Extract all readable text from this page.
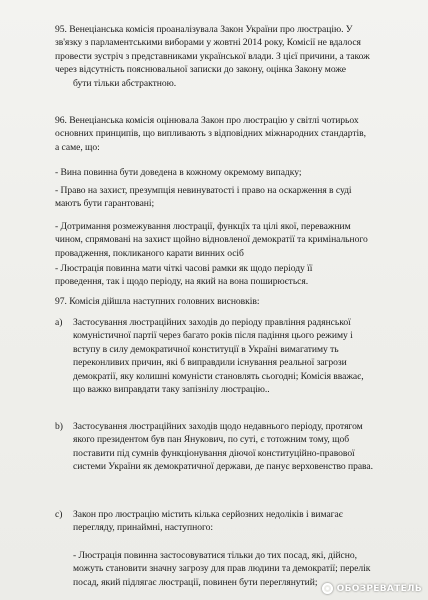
95. Венеціанська комісія проаналізувала Закон України про люстрацію. У
зв'язку з парламентськими виборами у жовтні 2014 року, Комісії не вдалося
провести зустріч з представниками української влади. З цієї причини, а також
через відсутність пояснювальної записки до закону, оцінка Закону може
бути тільки абстрактною.
96. Венеціанська комісія оцінювала Закон про люстрацію у світлі чотирьох
основних принципів, що випливають з відповідних міжнародних стандартів,
а саме, що:
- Вина повинна бути доведена в кожному окремому випадку;
- Право на захист, презумпція невинуватості і право на оскарження в суді
маютъ бути гарантовані;
- Дотримання розмежування люстрації, функцїх та цілі якої, переважним
чином, спрямовані на захист щойно відновленої демократії та кримінального
провадження, покликаного карати винних осіб
- Люстрація повинна мати чіткі часові рамки як щодо періоду її
проведення, так і щодо періоду, на який на вона поширюється.
97. Комісія дійшла наступних головних висновків:
a) Застосування люстраційних заходів до періоду правління радянської
комуністичної партії через багато років після падіння цього режиму і
вступу в силу демократичної конституції в Україні вимагатиму ть
переконливих причин, які б виправдили існування реальної загрози
демократії, яку колишні комуністи становлять сьогодні; Комісія вважає,
що важко виправдати таку запізнілу люстрацію..
b) Застосування люстраційних заходів щодо недавнього періоду, протягом
якого президентом був пан Янукович, по суті, є тотожним тому, щоб
поставити під сумнів функціонування діючої конституційно-правової
системи України як демократичної держави, де панує верховенство права.
c) Закон про люстрацію містить кілька серйозних недоліків і вимагає
перегляду, принаймні, наступного:
- Люстрація повинна застосовуватися тільки до тих посад, які, дійсно,
можуть становити значну загрозу для прав людини та демократії; перелік
посад, який підлягає люстрації, повинен бути переглянутий;
ОБОЗРЕВАТЕЛЬ
